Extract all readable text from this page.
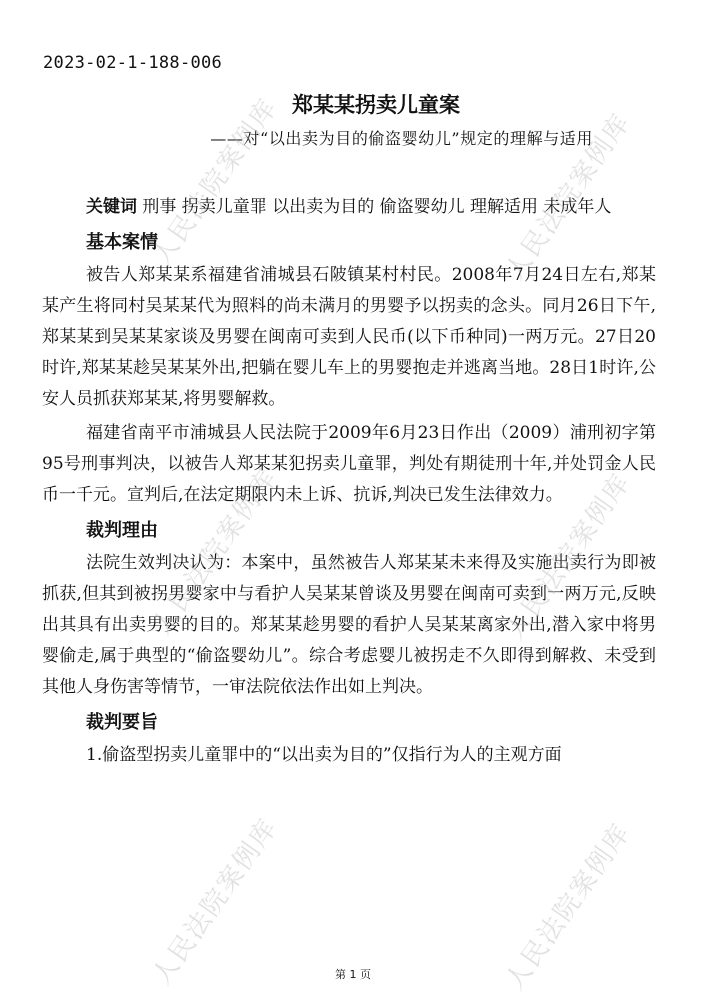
2023-02-1-188-006
郑某某拐卖儿童案
——对“以出卖为目的偷盗婴幼儿”规定的理解与适用

关键词 刑事 拐卖儿童罪 以出卖为目的 偷盗婴幼儿 理解适用 未成年人

基本案情

被告人郑某某系福建省浦城县石陂镇某村村民。2008年7月24日左右,郑某某产生将同村吴某某代为照料的尚未满月的男婴予以拐卖的念头。同月26日下午,郑某某到吴某某家谈及男婴在闽南可卖到人民币(以下币种同)一两万元。27日20时许,郑某某趁吴某某外出,把躺在婴儿车上的男婴抱走并逃离当地。28日1时许,公安人员抓获郑某某,将男婴解救。

福建省南平市浦城县人民法院于2009年6月23日作出（2009）浦刑初字第95号刑事判决，以被告人郑某某犯拐卖儿童罪，判处有期徒刑十年,并处罚金人民币一千元。宣判后,在法定期限内未上诉、抗诉,判决已发生法律效力。

裁判理由

法院生效判决认为：本案中，虽然被告人郑某某未来得及实施出卖行为即被抓获,但其到被拐男婴家中与看护人吴某某曾谈及男婴在闽南可卖到一两万元,反映出其具有出卖男婴的目的。郑某某趁男婴的看护人吴某某离家外出,潜入家中将男婴偷走,属于典型的“偷盗婴幼儿”。综合考虑婴儿被拐走不久即得到解救、未受到其他人身伤害等情节，一审法院依法作出如上判决。

裁判要旨

1.偷盗型拐卖儿童罪中的“以出卖为目的”仅指行为人的主观方面

第 1 页
人民法院案例库	人民法院案例库
人民法院案例库	人民法院案例库
人民法院案例库	人民法院案例库
